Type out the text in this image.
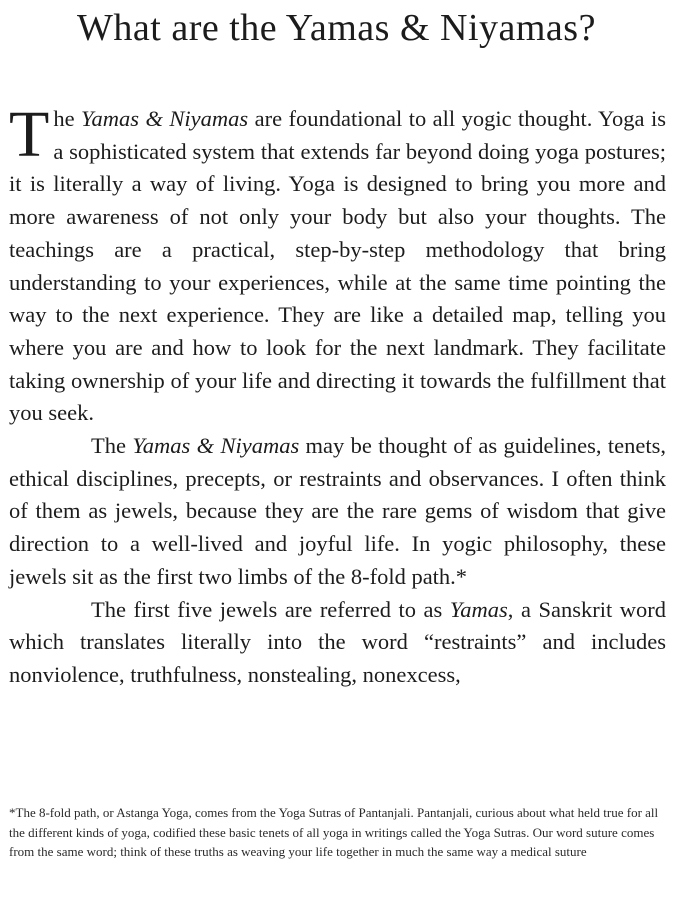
What are the Yamas & Niyamas?

The Yamas & Niyamas are foundational to all yogic thought. Yoga is a sophisticated system that extends far beyond doing yoga postures; it is literally a way of living. Yoga is designed to bring you more and more awareness of not only your body but also your thoughts. The teachings are a practical, step-by-step methodology that bring understanding to your experiences, while at the same time pointing the way to the next experience. They are like a detailed map, telling you where you are and how to look for the next landmark. They facilitate taking ownership of your life and directing it towards the fulfillment that you seek.

The Yamas & Niyamas may be thought of as guidelines, tenets, ethical disciplines, precepts, or restraints and observances. I often think of them as jewels, because they are the rare gems of wisdom that give direction to a well-lived and joyful life. In yogic philosophy, these jewels sit as the first two limbs of the 8-fold path.*

The first five jewels are referred to as Yamas, a Sanskrit word which translates literally into the word “restraints” and includes nonviolence, truthfulness, nonstealing, nonexcess,

*The 8-fold path, or Astanga Yoga, comes from the Yoga Sutras of Pantanjali. Pantanjali, curious about what held true for all the different kinds of yoga, codified these basic tenets of all yoga in writings called the Yoga Sutras. Our word suture comes from the same word; think of these truths as weaving your life together in much the same way a medical suture
